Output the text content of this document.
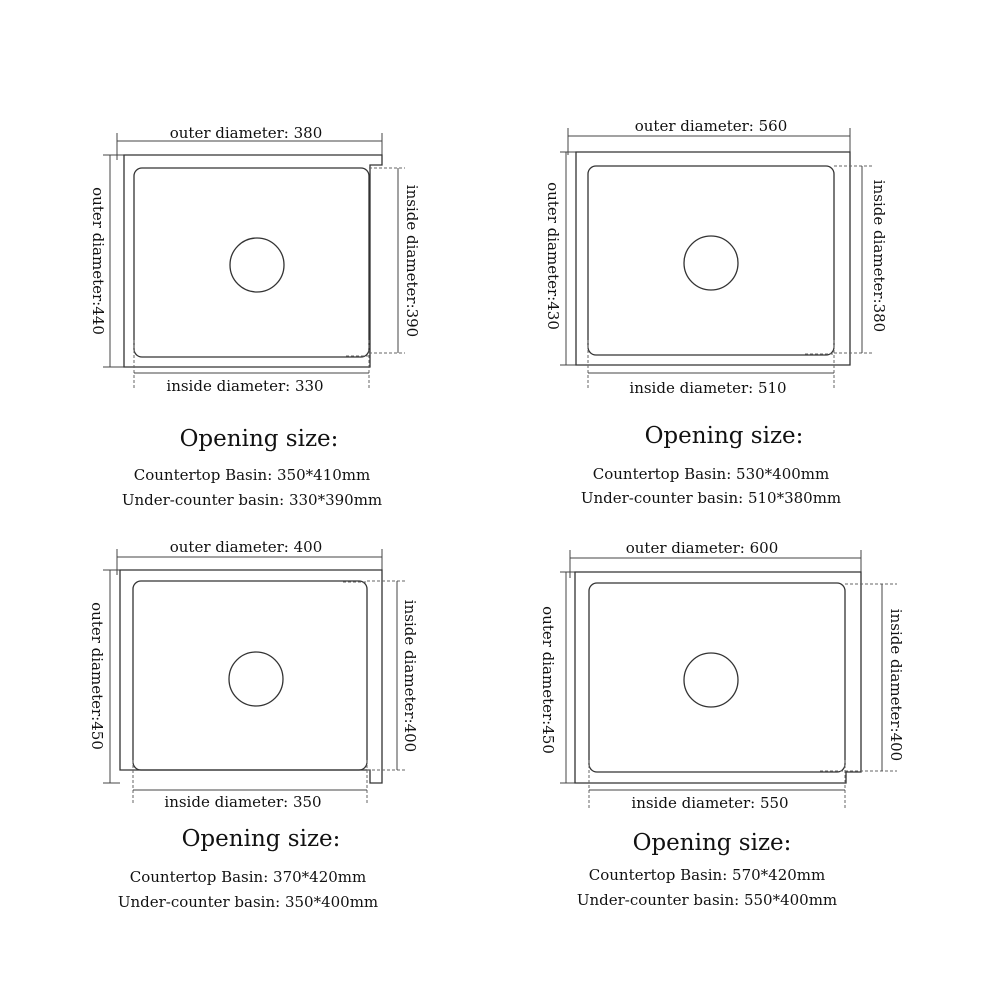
outer diameter: 380
outer diameter:440	inside diameter:390
inside diameter: 330
Opening size:
Countertop Basin: 350*410mm
Under-counter basin: 330*390mm
outer diameter: 560
outer diameter:430	inside diameter:380
inside diameter: 510
Opening size:
Countertop Basin: 530*400mm
Under-counter basin: 510*380mm
outer diameter: 400
outer diameter:450	inside diameter:400
inside diameter: 350
Opening size:
Countertop Basin: 370*420mm
Under-counter basin: 350*400mm
outer diameter: 600
outer diameter:450	inside diameter:400
inside diameter: 550
Opening size:
Countertop Basin: 570*420mm
Under-counter basin: 550*400mm
